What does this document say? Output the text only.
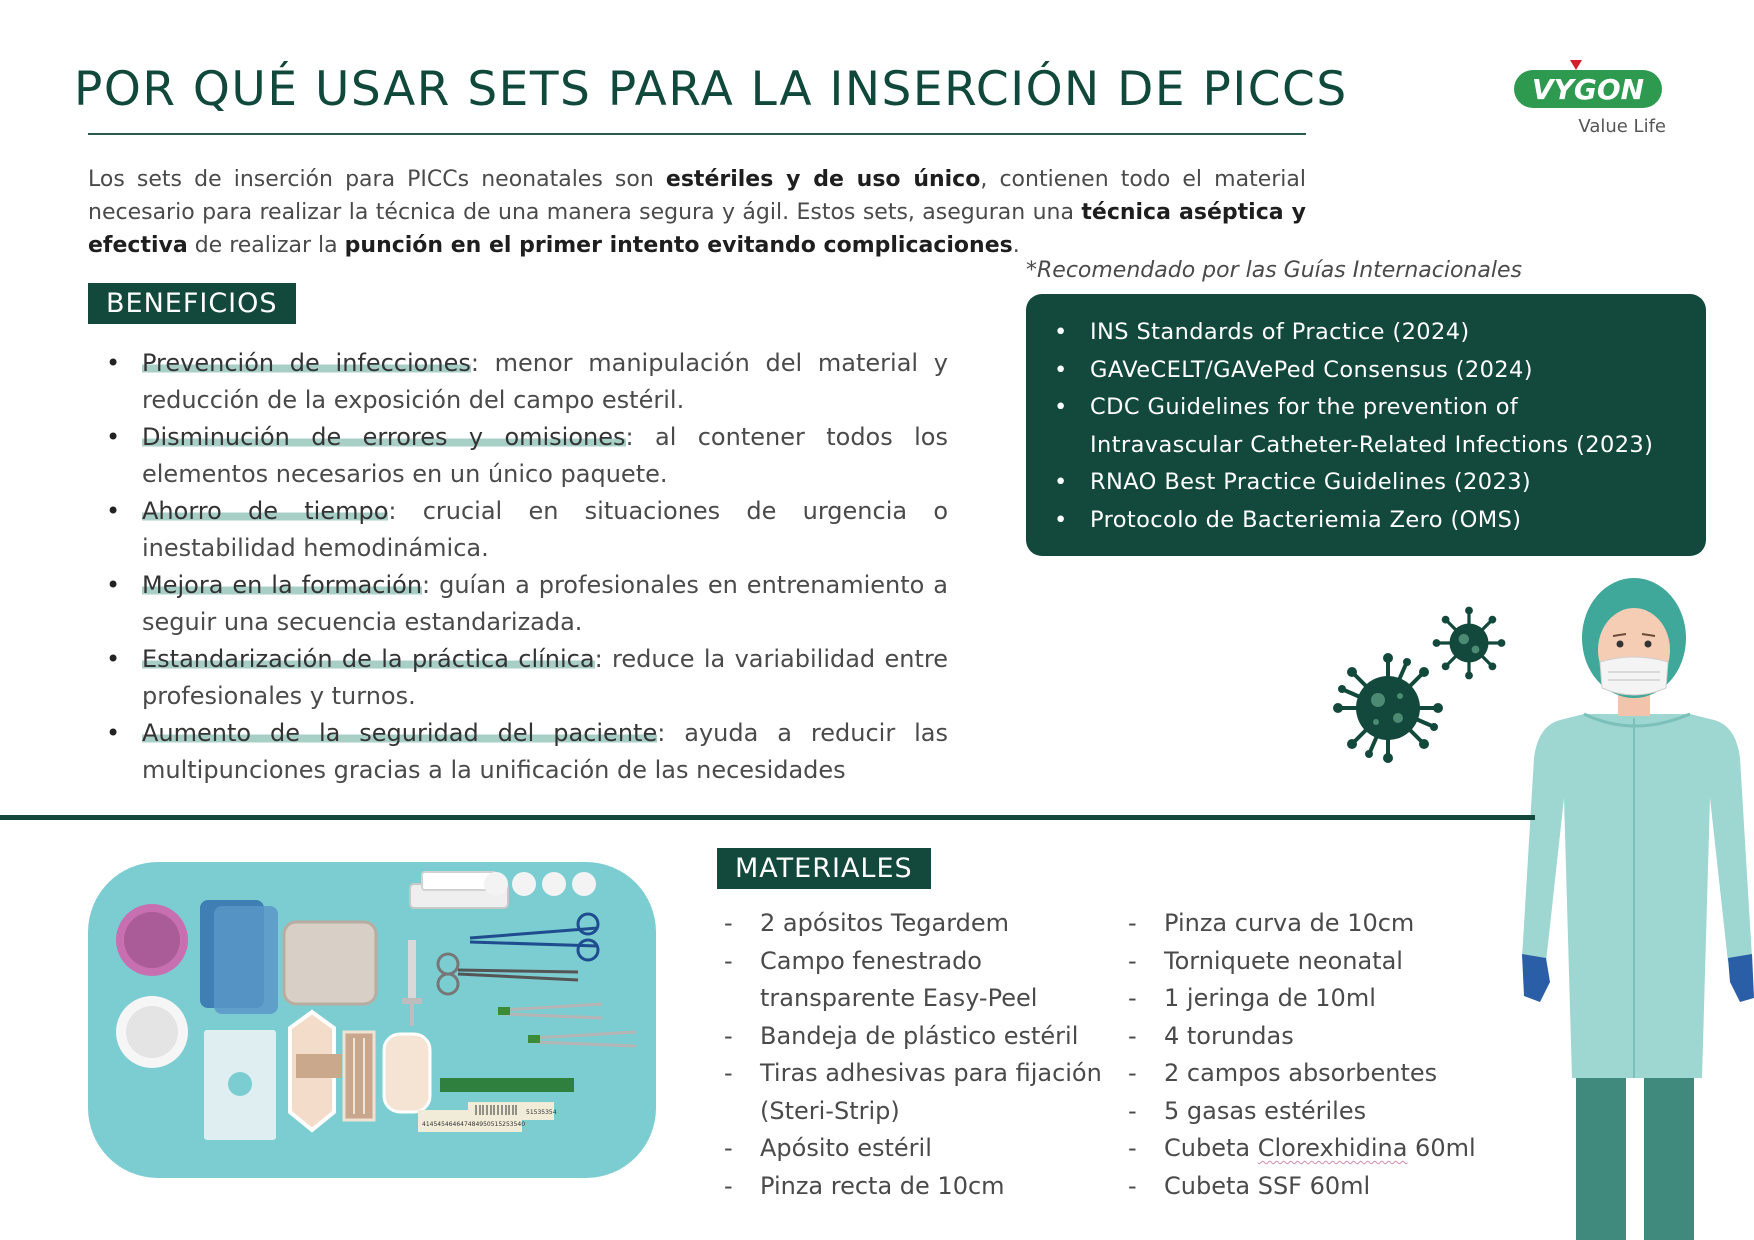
POR QUÉ USAR SETS PARA LA INSERCIÓN DE PICCS	VYGON
Value Life

Los sets de inserción para PICCs neonatales son estériles y de uso único, contienen todo el material necesario para realizar la técnica de una manera segura y ágil. Estos sets, aseguran una técnica aséptica y efectiva de realizar la punción en el primer intento evitando complicaciones.

BENEFICIOS
• Prevención de infecciones: menor manipulación del material y reducción de la exposición del campo estéril.
• Disminución de errores y omisiones: al contener todos los elementos necesarios en un único paquete.
• Ahorro de tiempo: crucial en situaciones de urgencia o inestabilidad hemodinámica.
• Mejora en la formación: guían a profesionales en entrenamiento a seguir una secuencia estandarizada.
• Estandarización de la práctica clínica: reduce la variabilidad entre profesionales y turnos.
• Aumento de la seguridad del paciente: ayuda a reducir las multipunciones gracias a la unificación de las necesidades

*Recomendado por las Guías Internacionales

• INS Standards of Practice (2024)
• GAVeCELT/GAVePed Consensus (2024)
• CDC Guidelines for the prevention of Intravascular Catheter-Related Infections (2023)
• RNAO Best Practice Guidelines (2023)
• Protocolo de Bacteriemia Zero (OMS)
414545464647484950515253540
51535354
MATERIALES
- 2 apósitos Tegardem
- Campo fenestrado transparente Easy-Peel
- Bandeja de plástico estéril
- Tiras adhesivas para fijación (Steri-Strip)
- Apósito estéril
- Pinza recta de 10cm
- Pinza curva de 10cm
- Torniquete neonatal
- 1 jeringa de 10ml
- 4 torundas
- 2 campos absorbentes
- 5 gasas estériles
- Cubeta Clorexhidina 60ml
- Cubeta SSF 60ml
